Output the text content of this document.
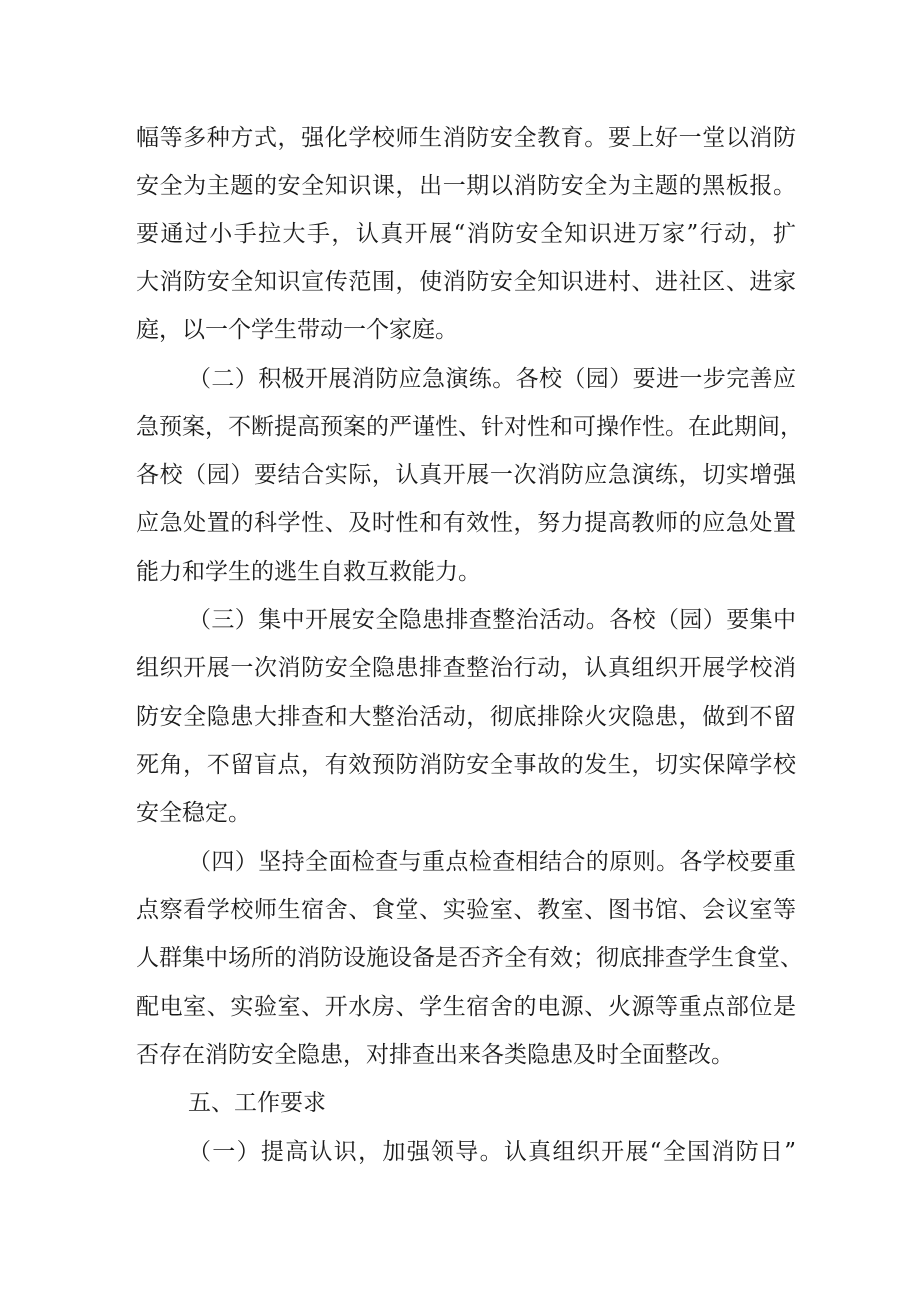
幅等多种方式，强化学校师生消防安全教育。要上好一堂以消防
安全为主题的安全知识课，出一期以消防安全为主题的黑板报。
要通过小手拉大手，认真开展“消防安全知识进万家”行动，扩
大消防安全知识宣传范围，使消防安全知识进村、进社区、进家
庭，以一个学生带动一个家庭。
（二）积极开展消防应急演练。各校（园）要进一步完善应
急预案，不断提高预案的严谨性、针对性和可操作性。在此期间，
各校（园）要结合实际，认真开展一次消防应急演练，切实增强
应急处置的科学性、及时性和有效性，努力提高教师的应急处置
能力和学生的逃生自救互救能力。
（三）集中开展安全隐患排查整治活动。各校（园）要集中
组织开展一次消防安全隐患排查整治行动，认真组织开展学校消
防安全隐患大排查和大整治活动，彻底排除火灾隐患，做到不留
死角，不留盲点，有效预防消防安全事故的发生，切实保障学校
安全稳定。
（四）坚持全面检查与重点检查相结合的原则。各学校要重
点察看学校师生宿舍、食堂、实验室、教室、图书馆、会议室等
人群集中场所的消防设施设备是否齐全有效；彻底排查学生食堂、
配电室、实验室、开水房、学生宿舍的电源、火源等重点部位是
否存在消防安全隐患，对排查出来各类隐患及时全面整改。
五、工作要求
（一）提高认识，加强领导。认真组织开展“全国消防日”
